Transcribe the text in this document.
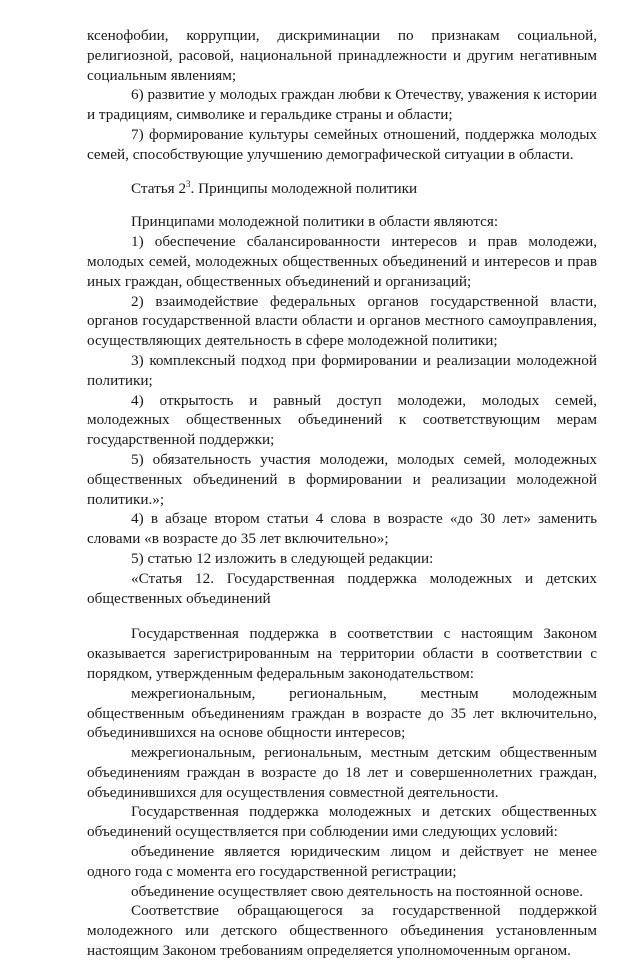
ксенофобии, коррупции, дискриминации по признакам социальной, религиозной, расовой, национальной принадлежности и другим негативным социальным явлениям;

6) развитие у молодых граждан любви к Отечеству, уважения к истории и традициям, символике и геральдике страны и области;

7) формирование культуры семейных отношений, поддержка молодых семей, способствующие улучшению демографической ситуации в области.

Статья $2^3$. Принципы молодежной политики

Принципами молодежной политики в области являются:

1) обеспечение сбалансированности интересов и прав молодежи, молодых семей, молодежных общественных объединений и интересов и прав иных граждан, общественных объединений и организаций;

2) взаимодействие федеральных органов государственной власти, органов государственной власти области и органов местного самоуправления, осуществляющих деятельность в сфере молодежной политики;

3) комплексный подход при формировании и реализации молодежной политики;

4) открытость и равный доступ молодежи, молодых семей, молодежных общественных объединений к соответствующим мерам государственной поддержки;

5) обязательность участия молодежи, молодых семей, молодежных общественных объединений в формировании и реализации молодежной политики.»;

4) в абзаце втором статьи 4 слова в возрасте «до 30 лет» заменить словами «в возрасте до 35 лет включительно»;

5) статью 12 изложить в следующей редакции:

«Статья 12. Государственная поддержка молодежных и детских общественных объединений

Государственная поддержка в соответствии с настоящим Законом оказывается зарегистрированным на территории области в соответствии с порядком, утвержденным федеральным законодательством:

межрегиональным, региональным, местным молодежным общественным объединениям граждан в возрасте до 35 лет включительно, объединившихся на основе общности интересов;

межрегиональным, региональным, местным детским общественным объединениям граждан в возрасте до 18 лет и совершеннолетних граждан, объединившихся для осуществления совместной деятельности.

Государственная поддержка молодежных и детских общественных объединений осуществляется при соблюдении ими следующих условий:

объединение является юридическим лицом и действует не менее одного года с момента его государственной регистрации;

объединение осуществляет свою деятельность на постоянной основе.

Соответствие обращающегося за государственной поддержкой молодежного или детского общественного объединения установленным настоящим Законом требованиям определяется уполномоченным органом.
